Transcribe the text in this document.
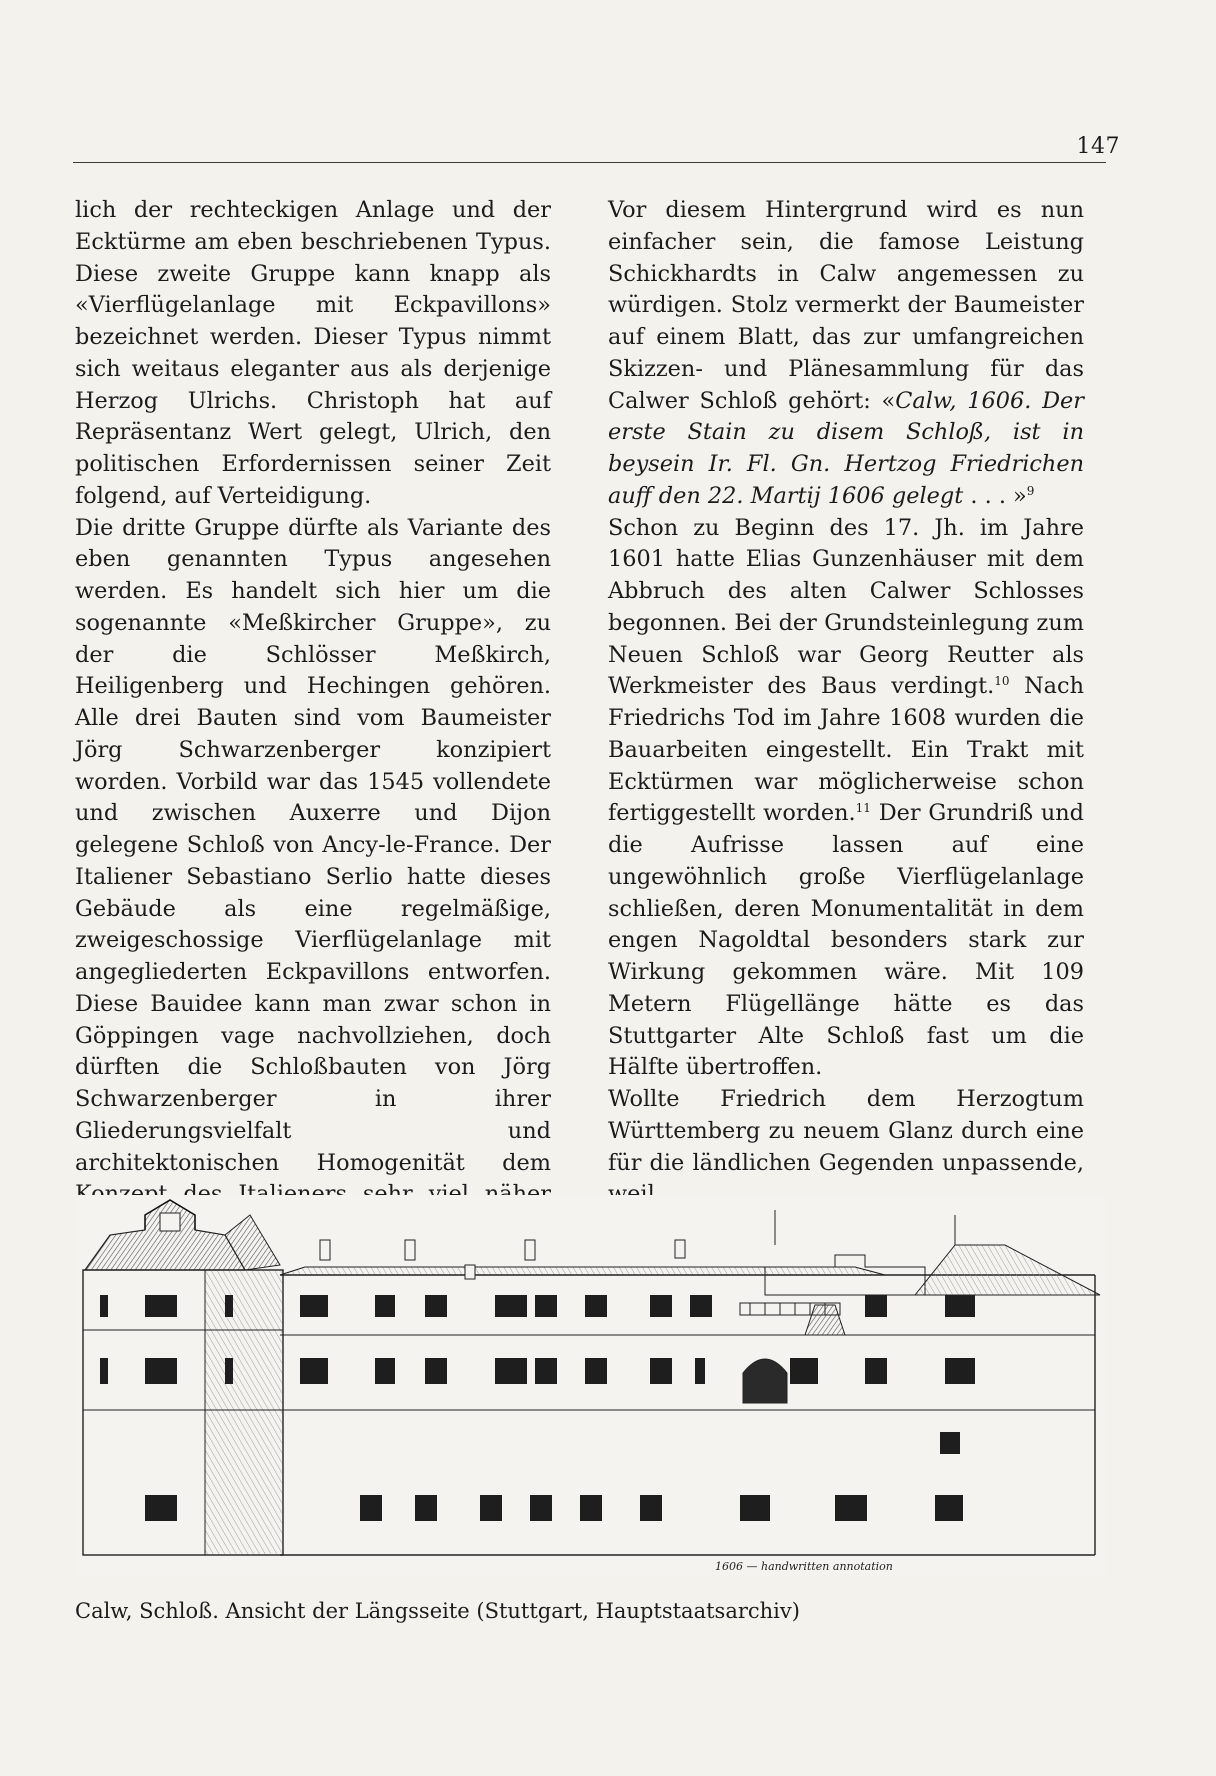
147

lich der rechteckigen Anlage und der Ecktürme am eben beschriebenen Typus. Diese zweite Gruppe kann knapp als «Vierflügelanlage mit Eckpavillons» bezeichnet werden. Dieser Typus nimmt sich weitaus eleganter aus als derjenige Herzog Ulrichs. Christoph hat auf Repräsentanz Wert gelegt, Ulrich, den politischen Erfordernissen seiner Zeit folgend, auf Verteidigung.

Die dritte Gruppe dürfte als Variante des eben genannten Typus angesehen werden. Es handelt sich hier um die sogenannte «Meßkircher Gruppe», zu der die Schlösser Meßkirch, Heiligenberg und Hechingen gehören. Alle drei Bauten sind vom Baumeister Jörg Schwarzenberger konzipiert worden. Vorbild war das 1545 vollendete und zwischen Auxerre und Dijon gelegene Schloß von Ancy-le-France. Der Italiener Sebastiano Serlio hatte dieses Gebäude als eine regelmäßige, zweigeschossige Vierflügelanlage mit angegliederten Eckpavillons entworfen. Diese Bauidee kann man zwar schon in Göppingen vage nachvollziehen, doch dürften die Schloßbauten von Jörg Schwarzenberger in ihrer Gliederungsvielfalt und architektonischen Homogenität dem

Vor diesem Hintergrund wird es nun einfacher sein, die famose Leistung Schickhardts in Calw angemessen zu würdigen. Stolz vermerkt der Baumeister auf einem Blatt, das zur umfangreichen Skizzen- und Plänesammlung für das Calwer Schloß gehört: «Calw, 1606. Der erste Stain zu disem Schloß, ist in beysein Ir. Fl. Gn. Hertzog Friedrichen auff den 22. Martij 1606 gelegt . . . »$^9$

Schon zu Beginn des 17. Jh. im Jahre 1601 hatte Elias Gunzenhäuser mit dem Abbruch des alten Calwer Schlosses begonnen. Bei der Grundsteinlegung zum Neuen Schloß war Georg Reutter als Werkmeister des Baus verdingt.$^{10}$ Nach Friedrichs Tod im Jahre 1608 wurden die Bauarbeiten eingestellt. Ein Trakt mit Ecktürmen war möglicherweise schon fertiggestellt worden.$^{11}$ Der Grundriß und die Aufrisse lassen auf eine ungewöhnlich große Vierflügelanlage schließen, deren Monumentalität in dem engen Nagoldtal besonders stark zur Wirkung gekommen wäre. Mit 109 Metern Flügellänge hätte es das Stuttgarter Alte Schloß fast um die Hälfte übertroffen.

Wollte Friedrich dem Herzogtum Württemberg zu neuem Glanz durch eine für die ländlichen Gegenden unpassende,

1606 — handwritten annotation
Calw, Schloß. Ansicht der Längsseite (Stuttgart, Hauptstaatsarchiv)
